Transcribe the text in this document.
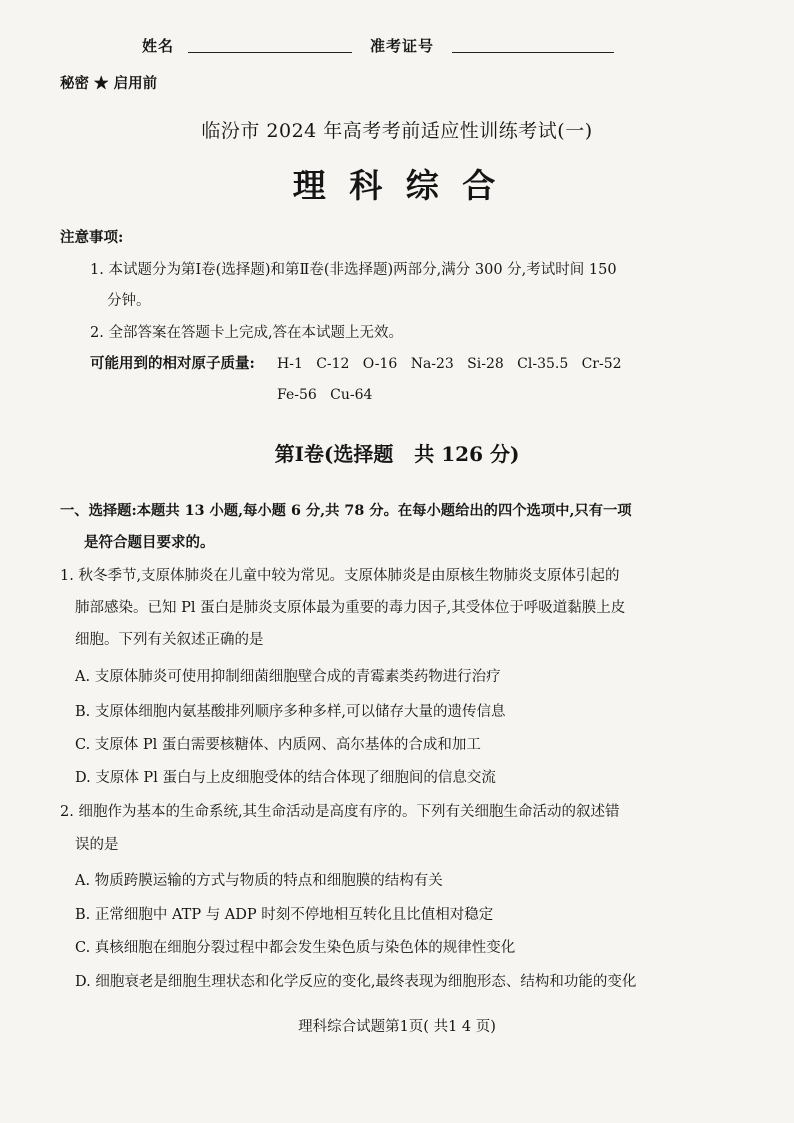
姓名	准考证号
秘密 ★ 启用前
临汾市 2024 年高考考前适应性训练考试(一)
理 科 综 合
注意事项:
1. 本试题分为第Ⅰ卷(选择题)和第Ⅱ卷(非选择题)两部分,满分 300 分,考试时间 150
分钟。
2. 全部答案在答题卡上完成,答在本试题上无效。
可能用到的相对原子质量: H-1   C-12   O-16   Na-23   Si-28   Cl-35.5   Cr-52
Fe-56   Cu-64
第Ⅰ卷(选择题   共 126 分)
一、选择题:本题共 13 小题,每小题 6 分,共 78 分。在每小题给出的四个选项中,只有一项
是符合题目要求的。
1. 秋冬季节,支原体肺炎在儿童中较为常见。支原体肺炎是由原核生物肺炎支原体引起的
肺部感染。已知 Pl 蛋白是肺炎支原体最为重要的毒力因子,其受体位于呼吸道黏膜上皮
细胞。下列有关叙述正确的是
A. 支原体肺炎可使用抑制细菌细胞壁合成的青霉素类药物进行治疗
B. 支原体细胞内氨基酸排列顺序多种多样,可以储存大量的遗传信息
C. 支原体 Pl 蛋白需要核糖体、内质网、高尔基体的合成和加工
D. 支原体 Pl 蛋白与上皮细胞受体的结合体现了细胞间的信息交流
2. 细胞作为基本的生命系统,其生命活动是高度有序的。下列有关细胞生命活动的叙述错
误的是
A. 物质跨膜运输的方式与物质的特点和细胞膜的结构有关
B. 正常细胞中 ATP 与 ADP 时刻不停地相互转化且比值相对稳定
C. 真核细胞在细胞分裂过程中都会发生染色质与染色体的规律性变化
D. 细胞衰老是细胞生理状态和化学反应的变化,最终表现为细胞形态、结构和功能的变化
理科综合试题第1页( 共1 4 页)
